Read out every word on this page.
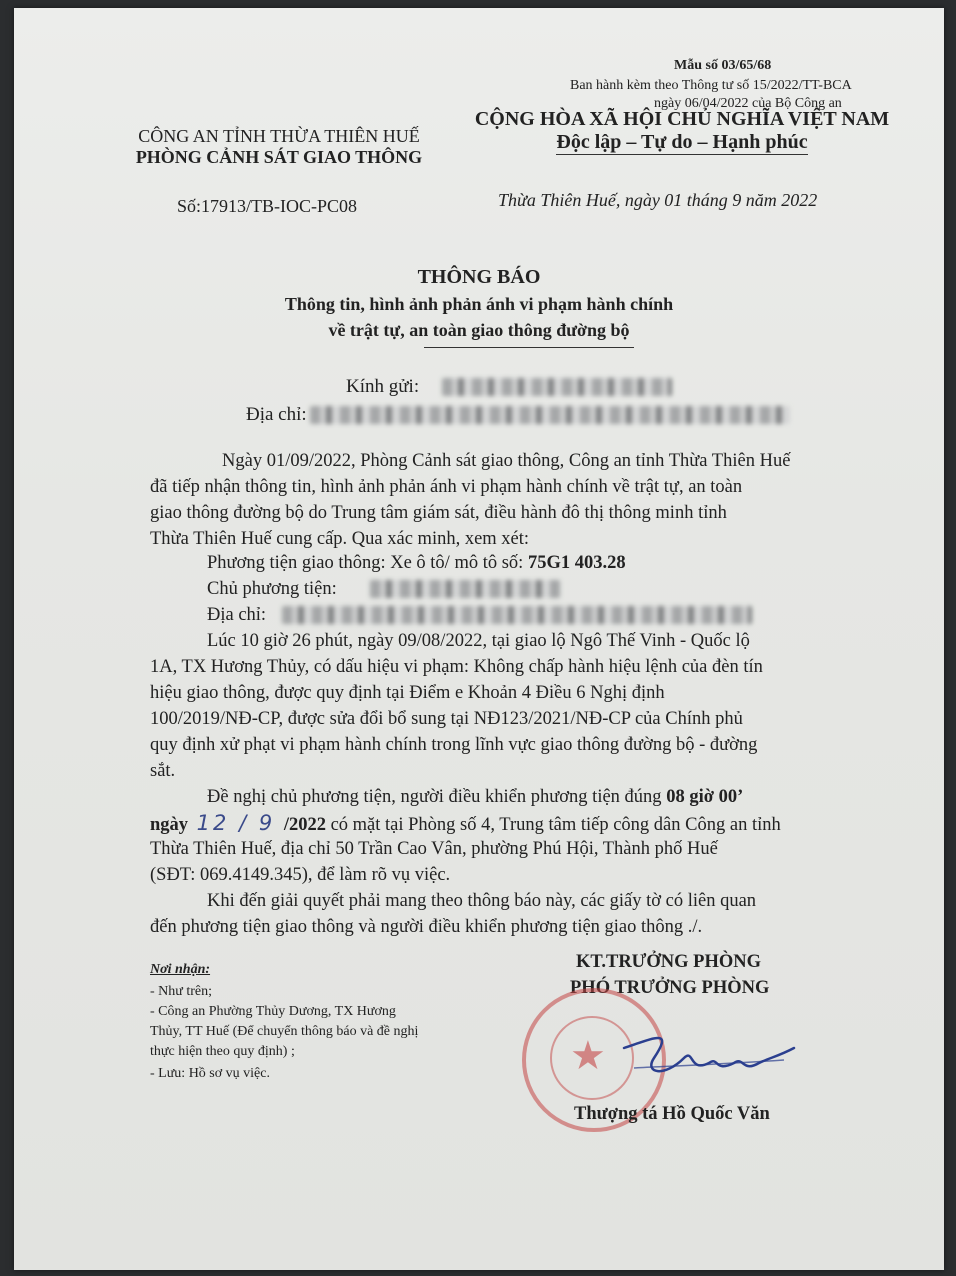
Mẫu số 03/65/68
Ban hành kèm theo Thông tư số 15/2022/TT-BCA
ngày 06/04/2022 của Bộ Công an
CÔNG AN TỈNH THỪA THIÊN HUẾ
PHÒNG CẢNH SÁT GIAO THÔNG
CỘNG HÒA XÃ HỘI CHỦ NGHĨA VIỆT NAM
Độc lập – Tự do – Hạnh phúc
Số:17913/TB-IOC-PC08	Thừa Thiên Huế, ngày 01 tháng 9 năm 2022
THÔNG BÁO
Thông tin, hình ảnh phản ánh vi phạm hành chính
về trật tự, an toàn giao thông đường bộ
Kính gửi:
Địa chỉ:
Ngày 01/09/2022, Phòng Cảnh sát giao thông, Công an tỉnh Thừa Thiên Huế
đã tiếp nhận thông tin, hình ảnh phản ánh vi phạm hành chính về trật tự, an toàn
giao thông đường bộ do Trung tâm giám sát, điều hành đô thị thông minh tỉnh
Thừa Thiên Huế cung cấp. Qua xác minh, xem xét:
Phương tiện giao thông: Xe ô tô/ mô tô số: 75G1 403.28
Chủ phương tiện:
Địa chỉ:
Lúc 10 giờ 26 phút, ngày 09/08/2022, tại giao lộ Ngô Thế Vinh - Quốc lộ
1A, TX Hương Thủy, có dấu hiệu vi phạm: Không chấp hành hiệu lệnh của đèn tín
hiệu giao thông, được quy định tại Điểm e Khoản 4 Điều 6 Nghị định
100/2019/NĐ-CP, được sửa đổi bổ sung tại NĐ123/2021/NĐ-CP của Chính phủ
quy định xử phạt vi phạm hành chính trong lĩnh vực giao thông đường bộ - đường
sắt.
Đề nghị chủ phương tiện, người điều khiển phương tiện đúng 08 giờ 00’
ngày 12 / 9 /2022 có mặt tại Phòng số 4, Trung tâm tiếp công dân Công an tỉnh
Thừa Thiên Huế, địa chỉ 50 Trần Cao Vân, phường Phú Hội, Thành phố Huế
(SĐT: 069.4149.345), để làm rõ vụ việc.
Khi đến giải quyết phải mang theo thông báo này, các giấy tờ có liên quan
đến phương tiện giao thông và người điều khiển phương tiện giao thông ./.
Nơi nhận:
- Như trên;
- Công an Phường Thủy Dương, TX Hương
Thủy, TT Huế (Để chuyển thông báo và đề nghị
thực hiện theo quy định) ;
- Lưu: Hồ sơ vụ việc.
KT.TRƯỞNG PHÒNG
PHÓ TRƯỞNG PHÒNG
★
Thượng tá Hồ Quốc Văn
